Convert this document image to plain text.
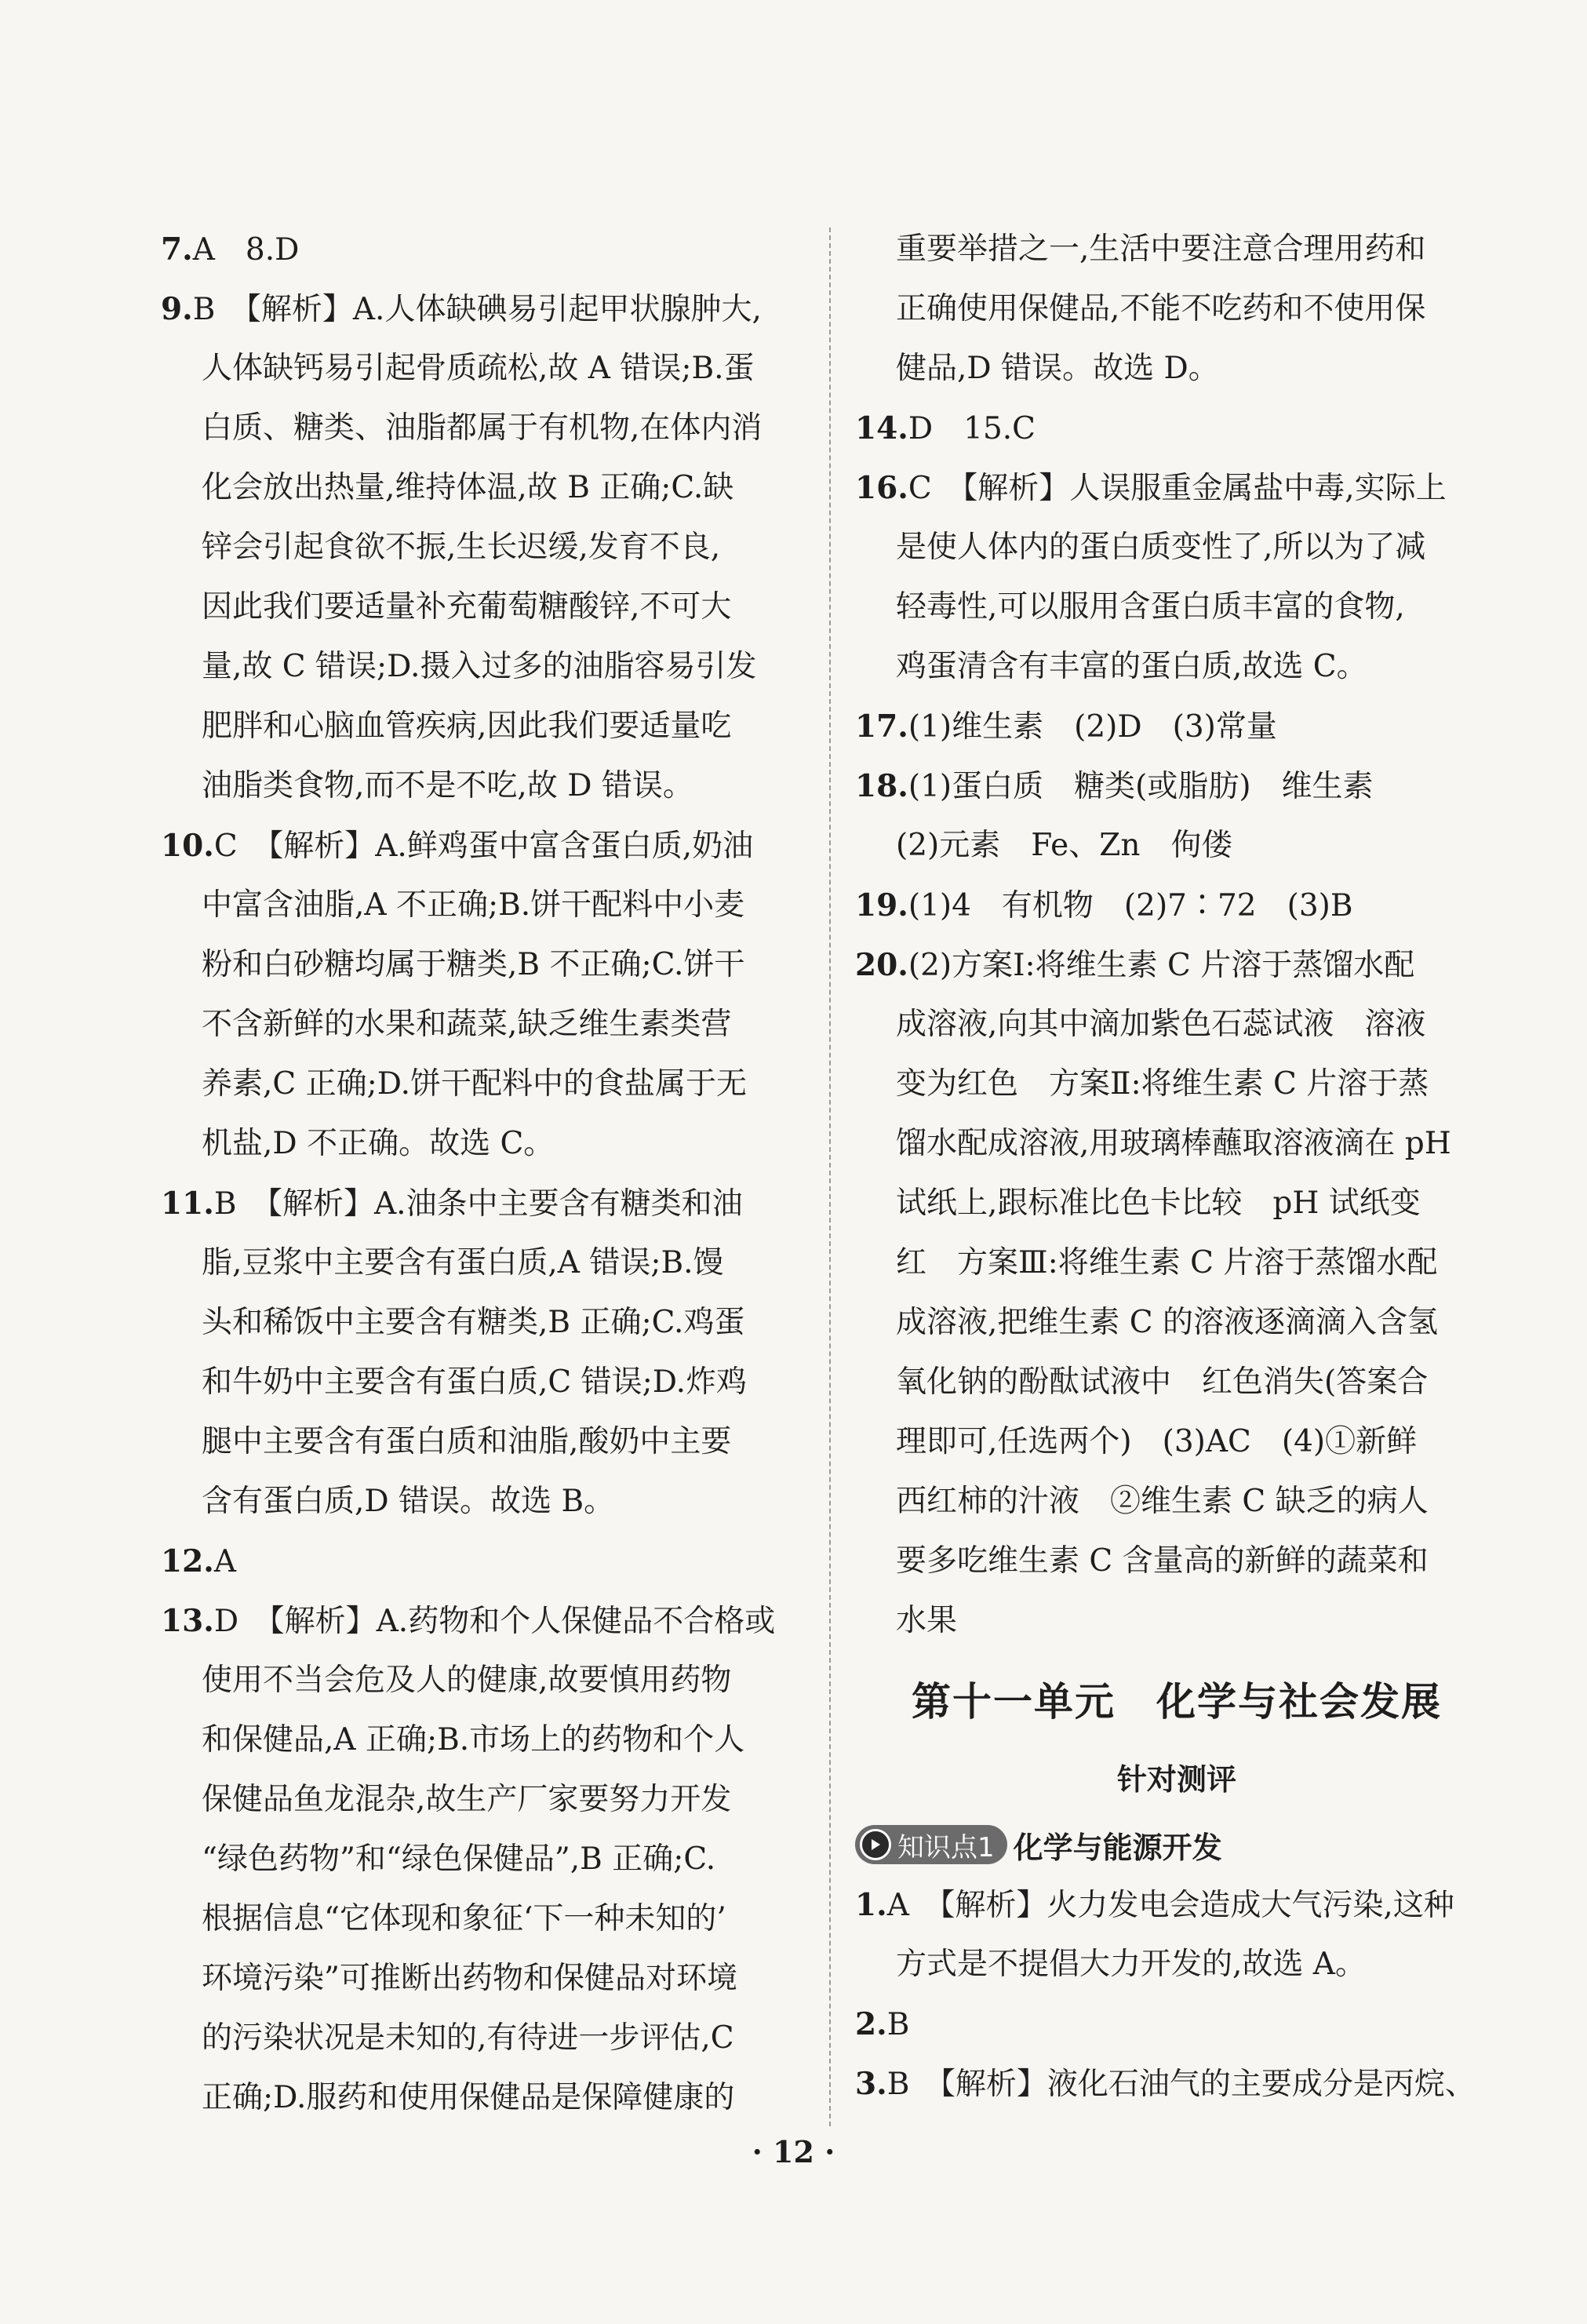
7.A　8.D
9.B　【解析】A.人体缺碘易引起甲状腺肿大,
人体缺钙易引起骨质疏松,故 A 错误;B.蛋
白质、糖类、油脂都属于有机物,在体内消
化会放出热量,维持体温,故 B 正确;C.缺
锌会引起食欲不振,生长迟缓,发育不良,
因此我们要适量补充葡萄糖酸锌,不可大
量,故 C 错误;D.摄入过多的油脂容易引发
肥胖和心脑血管疾病,因此我们要适量吃
油脂类食物,而不是不吃,故 D 错误。
10.C　【解析】A.鲜鸡蛋中富含蛋白质,奶油
中富含油脂,A 不正确;B.饼干配料中小麦
粉和白砂糖均属于糖类,B 不正确;C.饼干
不含新鲜的水果和蔬菜,缺乏维生素类营
养素,C 正确;D.饼干配料中的食盐属于无
机盐,D 不正确。故选 C。
11.B　【解析】A.油条中主要含有糖类和油
脂,豆浆中主要含有蛋白质,A 错误;B.馒
头和稀饭中主要含有糖类,B 正确;C.鸡蛋
和牛奶中主要含有蛋白质,C 错误;D.炸鸡
腿中主要含有蛋白质和油脂,酸奶中主要
含有蛋白质,D 错误。故选 B。
12.A
13.D　【解析】A.药物和个人保健品不合格或
使用不当会危及人的健康,故要慎用药物
和保健品,A 正确;B.市场上的药物和个人
保健品鱼龙混杂,故生产厂家要努力开发
“绿色药物”和“绿色保健品”,B 正确;C.
根据信息“它体现和象征‘下一种未知的’
环境污染”可推断出药物和保健品对环境
的污染状况是未知的,有待进一步评估,C
正确;D.服药和使用保健品是保障健康的
重要举措之一,生活中要注意合理用药和
正确使用保健品,不能不吃药和不使用保
健品,D 错误。故选 D。
14.D　15.C
16.C　【解析】人误服重金属盐中毒,实际上
是使人体内的蛋白质变性了,所以为了减
轻毒性,可以服用含蛋白质丰富的食物,
鸡蛋清含有丰富的蛋白质,故选 C。
17.(1)维生素　(2)D　(3)常量
18.(1)蛋白质　糖类(或脂肪)　维生素
(2)元素　Fe、Zn　佝偻
19.(1)4　有机物　(2)7∶72　(3)B
20.(2)方案Ⅰ:将维生素 C 片溶于蒸馏水配
成溶液,向其中滴加紫色石蕊试液　溶液
变为红色　方案Ⅱ:将维生素 C 片溶于蒸
馏水配成溶液,用玻璃棒蘸取溶液滴在 pH
试纸上,跟标准比色卡比较　pH 试纸变
红　方案Ⅲ:将维生素 C 片溶于蒸馏水配
成溶液,把维生素 C 的溶液逐滴滴入含氢
氧化钠的酚酞试液中　红色消失(答案合
理即可,任选两个)　(3)AC　(4)①新鲜
西红柿的汁液　②维生素 C 缺乏的病人
要多吃维生素 C 含量高的新鲜的蔬菜和
水果
第十一单元　化学与社会发展
针对测评
知识点1 化学与能源开发
1.A　【解析】火力发电会造成大气污染,这种
方式是不提倡大力开发的,故选 A。
2.B
3.B　【解析】液化石油气的主要成分是丙烷、
· 12 ·
